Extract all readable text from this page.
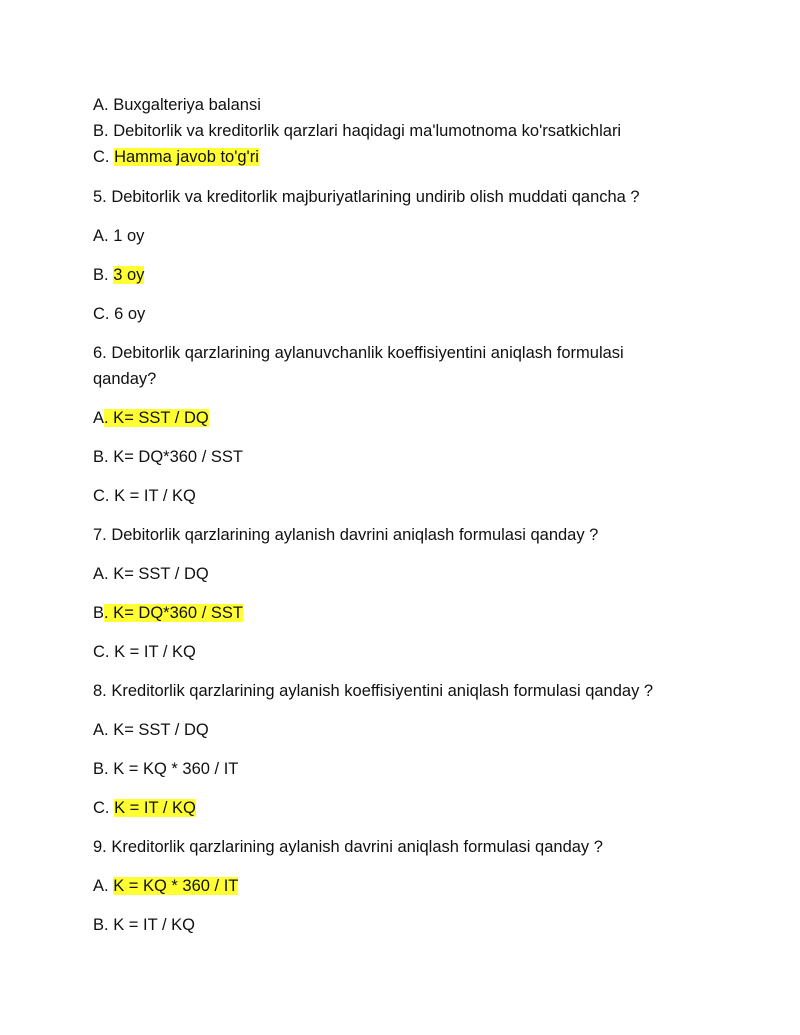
A. Buxgalteriya balansi
B. Debitorlik va kreditorlik qarzlari haqidagi ma'lumotnoma ko'rsatkichlari
C. Hamma javob to'g'ri
5. Debitorlik va kreditorlik majburiyatlarining undirib olish muddati qancha ?
A. 1 oy
B. 3 oy
C. 6 oy
6. Debitorlik qarzlarining aylanuvchanlik koeffisiyentini aniqlash formulasi qanday?
A. K= SST / DQ
B. K= DQ*360 / SST
C. K = IT / KQ
7. Debitorlik qarzlarining aylanish davrini aniqlash formulasi qanday ?
A. K= SST / DQ
B. K= DQ*360 / SST
C. K = IT / KQ
8. Kreditorlik qarzlarining aylanish koeffisiyentini aniqlash formulasi qanday ?
A. K= SST / DQ
B. K = KQ * 360 / IT
C. K = IT / KQ
9. Kreditorlik qarzlarining aylanish davrini aniqlash formulasi qanday ?
A. K = KQ * 360 / IT
B. K = IT / KQ
